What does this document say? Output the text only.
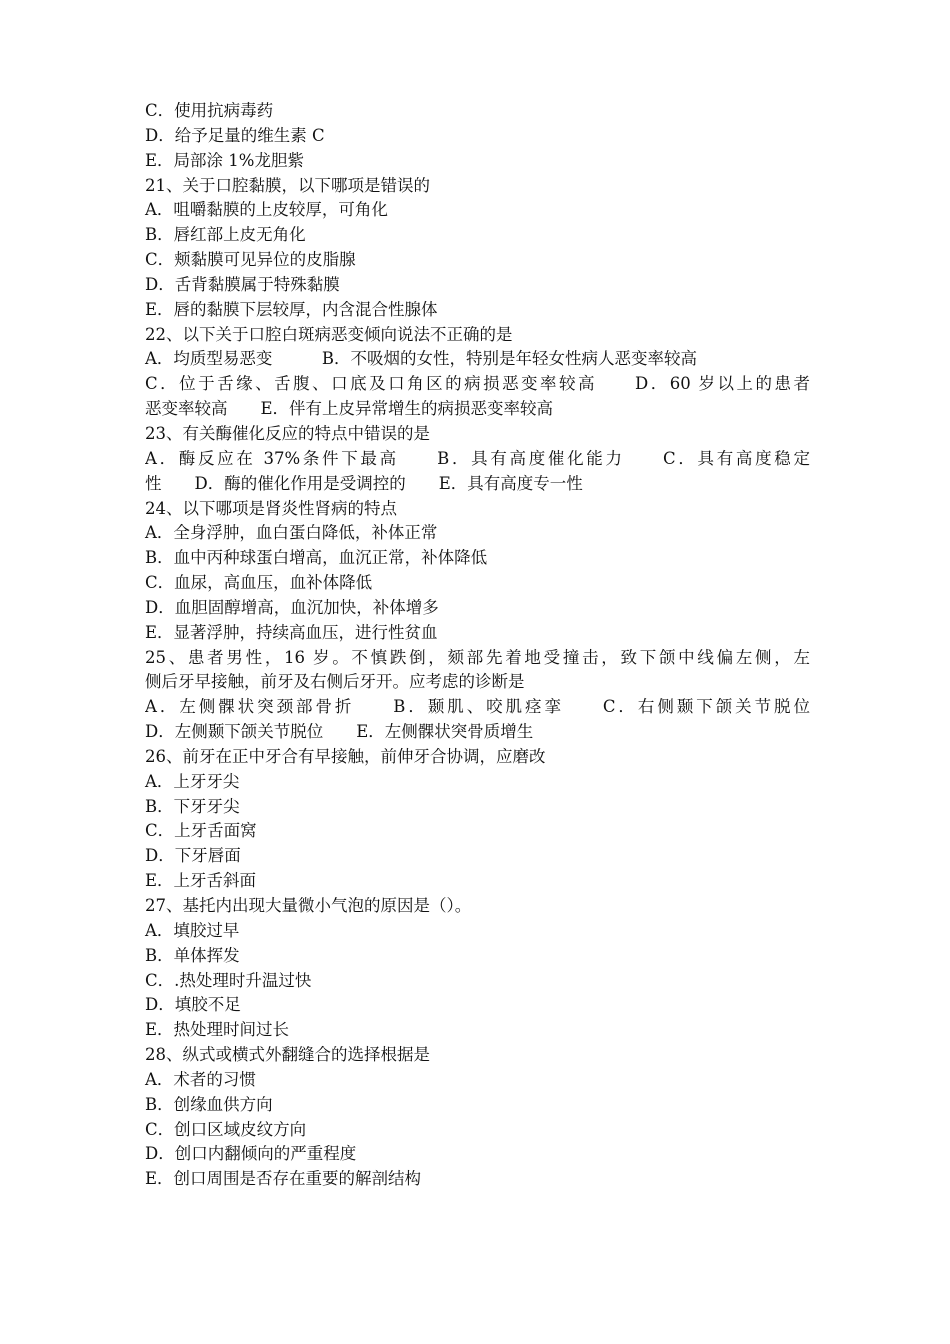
C．使用抗病毒药
D．给予足量的维生素 C
E．局部涂 1%龙胆紫
21、关于口腔黏膜，以下哪项是错误的
A．咀嚼黏膜的上皮较厚，可角化
B．唇红部上皮无角化
C．颊黏膜可见异位的皮脂腺
D．舌背黏膜属于特殊黏膜
E．唇的黏膜下层较厚，内含混合性腺体
22、以下关于口腔白斑病恶变倾向说法不正确的是
A．均质型易恶变　　　B．不吸烟的女性，特别是年轻女性病人恶变率较高
C．位于舌缘、舌腹、口底及口角区的病损恶变率较高　　D．60 岁以上的患者
恶变率较高　　E．伴有上皮异常增生的病损恶变率较高
23、有关酶催化反应的特点中错误的是
A．酶反应在 37%条件下最高　　B．具有高度催化能力　　C．具有高度稳定
性　　D．酶的催化作用是受调控的　　E．具有高度专一性
24、以下哪项是肾炎性肾病的特点
A．全身浮肿，血白蛋白降低，补体正常
B．血中丙种球蛋白增高，血沉正常，补体降低
C．血尿，高血压，血补体降低
D．血胆固醇增高，血沉加快，补体增多
E．显著浮肿，持续高血压，进行性贫血
25、患者男性，16 岁。不慎跌倒，颏部先着地受撞击，致下颌中线偏左侧，左
侧后牙早接触，前牙及右侧后牙开。应考虑的诊断是
A．左侧髁状突颈部骨折　　B．颞肌、咬肌痉挛　　C．右侧颞下颌关节脱位
D．左侧颞下颌关节脱位　　E．左侧髁状突骨质增生
26、前牙在正中牙合有早接触，前伸牙合协调，应磨改
A．上牙牙尖
B．下牙牙尖
C．上牙舌面窝
D．下牙唇面
E．上牙舌斜面
27、基托内出现大量微小气泡的原因是（）。
A．填胶过早
B．单体挥发
C．.热处理时升温过快
D．填胶不足
E．热处理时间过长
28、纵式或横式外翻缝合的选择根据是
A．术者的习惯
B．创缘血供方向
C．创口区域皮纹方向
D．创口内翻倾向的严重程度
E．创口周围是否存在重要的解剖结构
